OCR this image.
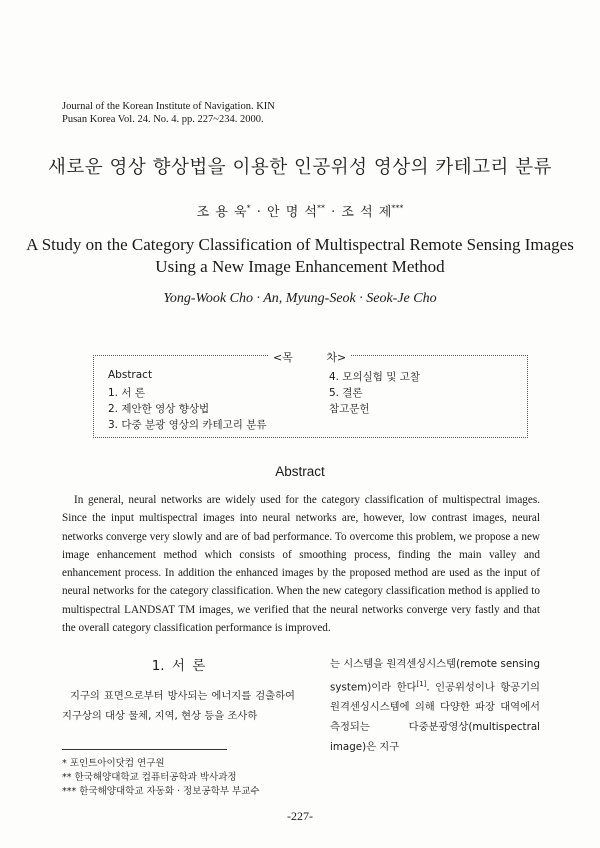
Journal of the Korean Institute of Navigation. KIN
Pusan Korea Vol. 24. No. 4. pp. 227~234. 2000.
새로운 영상 향상법을 이용한 인공위성 영상의 카테고리 분류
조 용 욱* · 안 명 석** · 조 석 제***
A Study on the Category Classification of Multispectral Remote Sensing Images
Using a New Image Enhancement Method
Yong-Wook Cho · An, Myung-Seok · Seok-Je Cho
<목 차>
Abstract
1. 서 론
2. 제안한 영상 향상법
3. 다중 분광 영상의 카테고리 분류
4. 모의실험 및 고찰
5. 결론
참고문헌
Abstract
In general, neural networks are widely used for the category classification of multispectral images. Since the input multispectral images into neural networks are, however, low contrast images, neural networks converge very slowly and are of bad performance. To overcome this problem, we propose a new image enhancement method which consists of smoothing process, finding the main valley and enhancement process. In addition the enhanced images by the proposed method are used as the input of neural networks for the category classification. When the new category classification method is applied to multispectral LANDSAT TM images, we verified that the neural networks converge very fastly and that the overall category classification performance is improved.
1. 서 론
지구의 표면으로부터 방사되는 에너지를 검출하여 지구상의 대상 물체, 지역, 현상 등을 조사하
는 시스템을 원격센싱시스템(remote sensing system)이라 한다[1]. 인공위성이나 항공기의 원격센싱시스템에 의해 다양한 파장 대역에서 측정되는 다중분광영상(multispectral image)은 지구
* 포인트아이닷컴 연구원
** 한국해양대학교 컴퓨터공학과 박사과정
*** 한국해양대학교 자동화 · 정보공학부 부교수
-227-
